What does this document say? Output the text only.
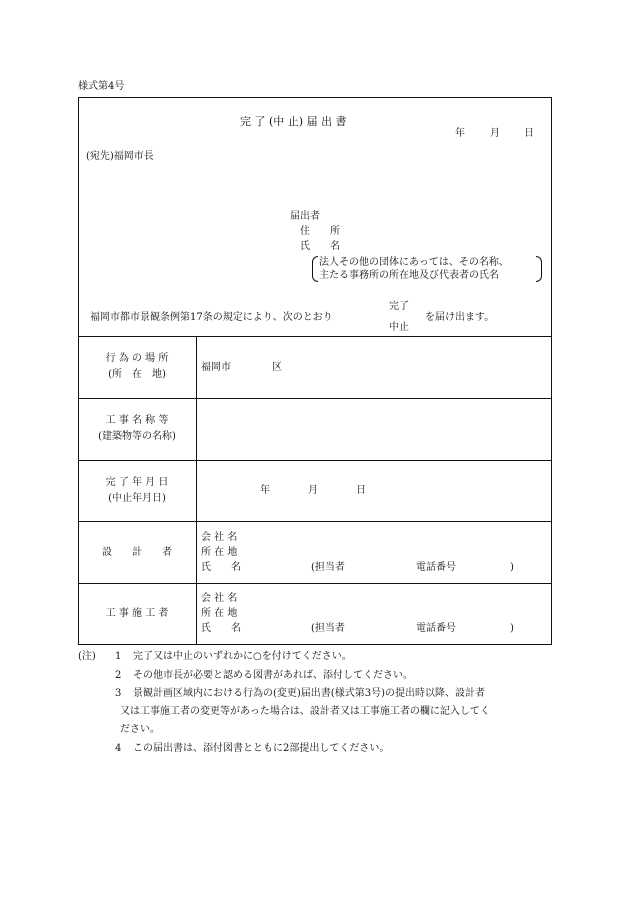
様式第4号
完 了 (中 止) 届 出 書
年	月 日
(宛先)福岡市長
届出者
住　　所
氏　　名
法人その他の団体にあっては、その名称、
主たる事務所の所在地及び代表者の氏名
福岡市都市景観条例第17条の規定により、次のとおり
完了
中止
を届け出ます。
行 為 の 場 所
(所　在　地)
福岡市	区
工 事 名 称 等
(建築物等の名称)
完 了 年 月 日
(中止年月日)
年	月	日
設　　計　　者
会 社 名
所 在 地
氏　　名	(担当者	電話番号	)
工 事 施 工 者
会 社 名
所 在 地
氏　　名	(担当者	電話番号	)
(注) 1 完了又は中止のいずれかに○を付けてください。
2 その他市長が必要と認める図書があれば、添付してください。
3 景観計画区域内における行為の(変更)届出書(様式第3号)の提出時以降、設計者
又は工事施工者の変更等があった場合は、設計者又は工事施工者の欄に記入してく
ださい。
4 この届出書は、添付図書とともに2部提出してください。
